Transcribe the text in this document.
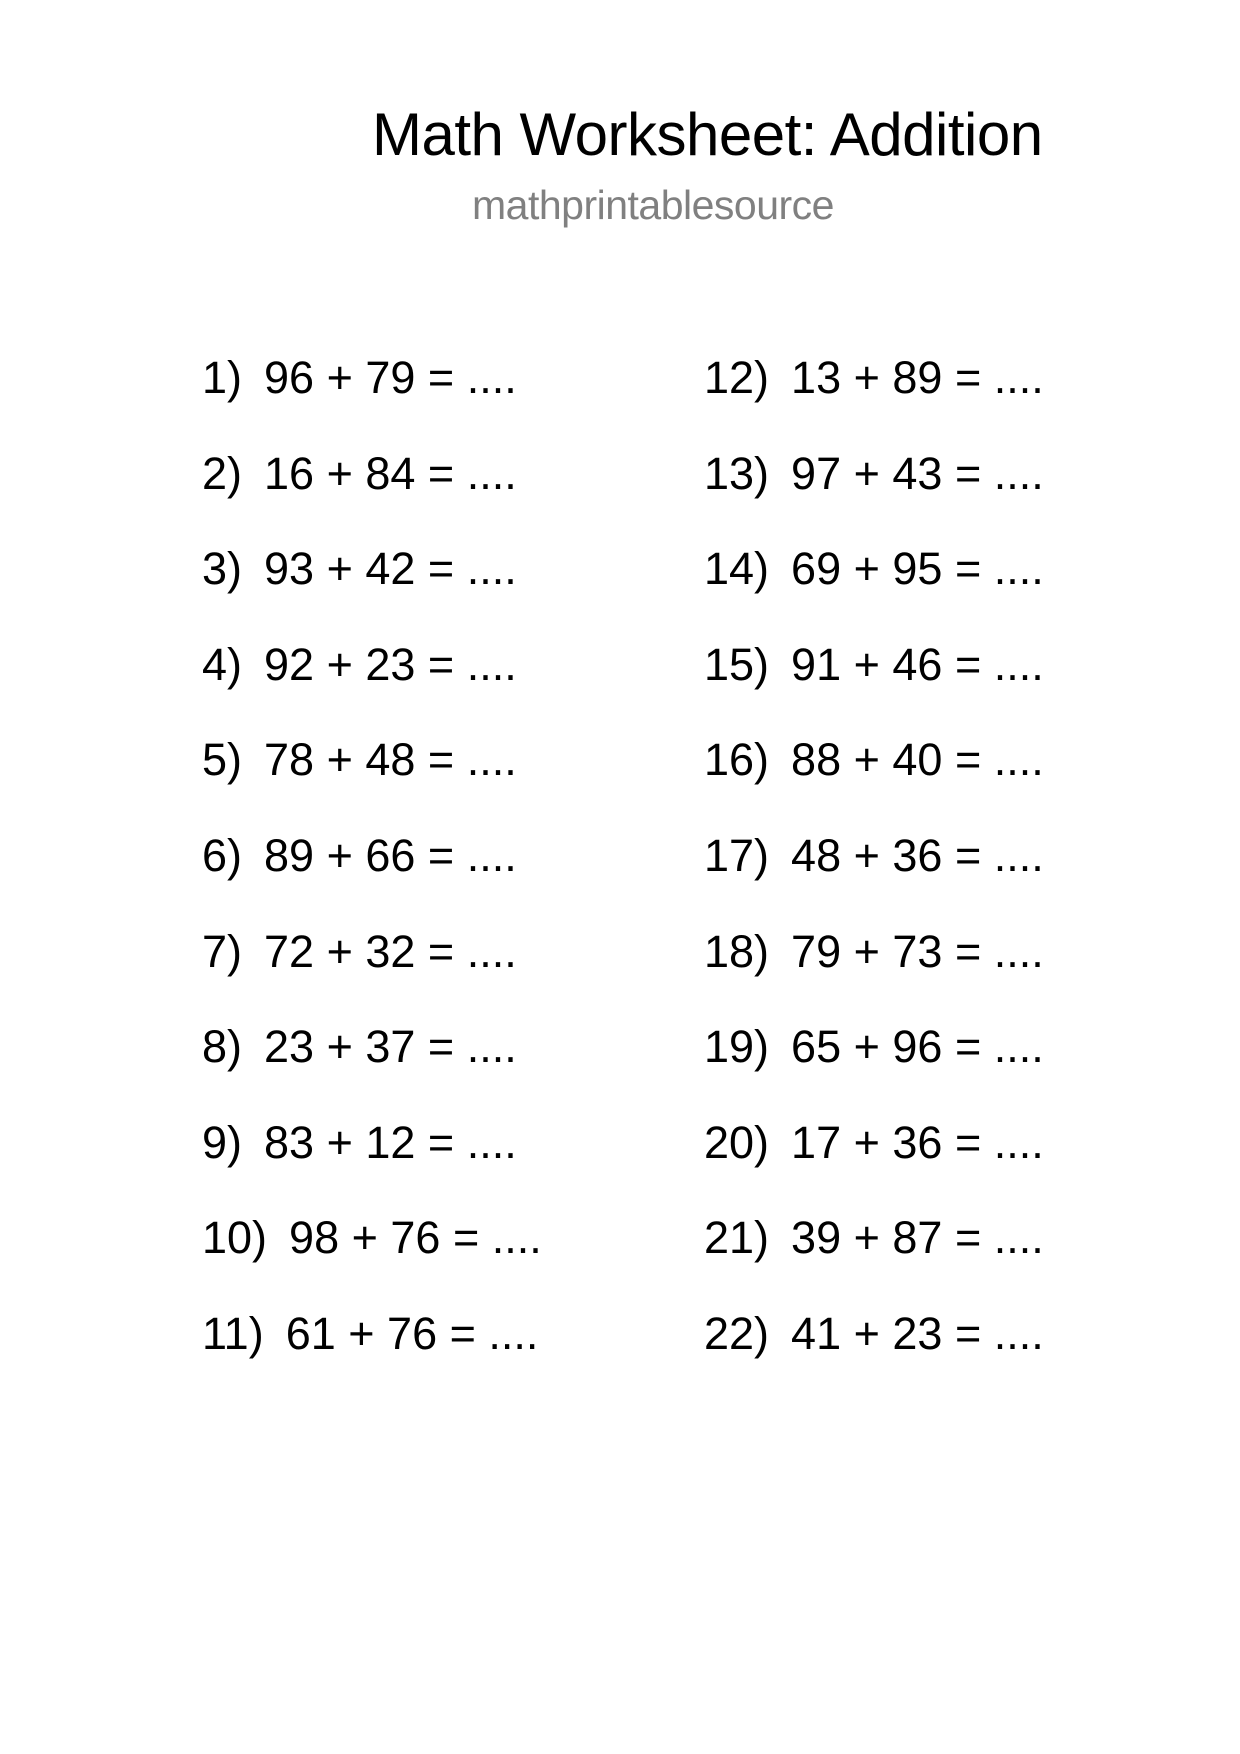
Math Worksheet: Addition
mathprintablesource
1) 96 + 79 = ....
2) 16 + 84 = ....
3) 93 + 42 = ....
4) 92 + 23 = ....
5) 78 + 48 = ....
6) 89 + 66 = ....
7) 72 + 32 = ....
8) 23 + 37 = ....
9) 83 + 12 = ....
10) 98 + 76 = ....
11) 61 + 76 = ....
12) 13 + 89 = ....
13) 97 + 43 = ....
14) 69 + 95 = ....
15) 91 + 46 = ....
16) 88 + 40 = ....
17) 48 + 36 = ....
18) 79 + 73 = ....
19) 65 + 96 = ....
20) 17 + 36 = ....
21) 39 + 87 = ....
22) 41 + 23 = ....
